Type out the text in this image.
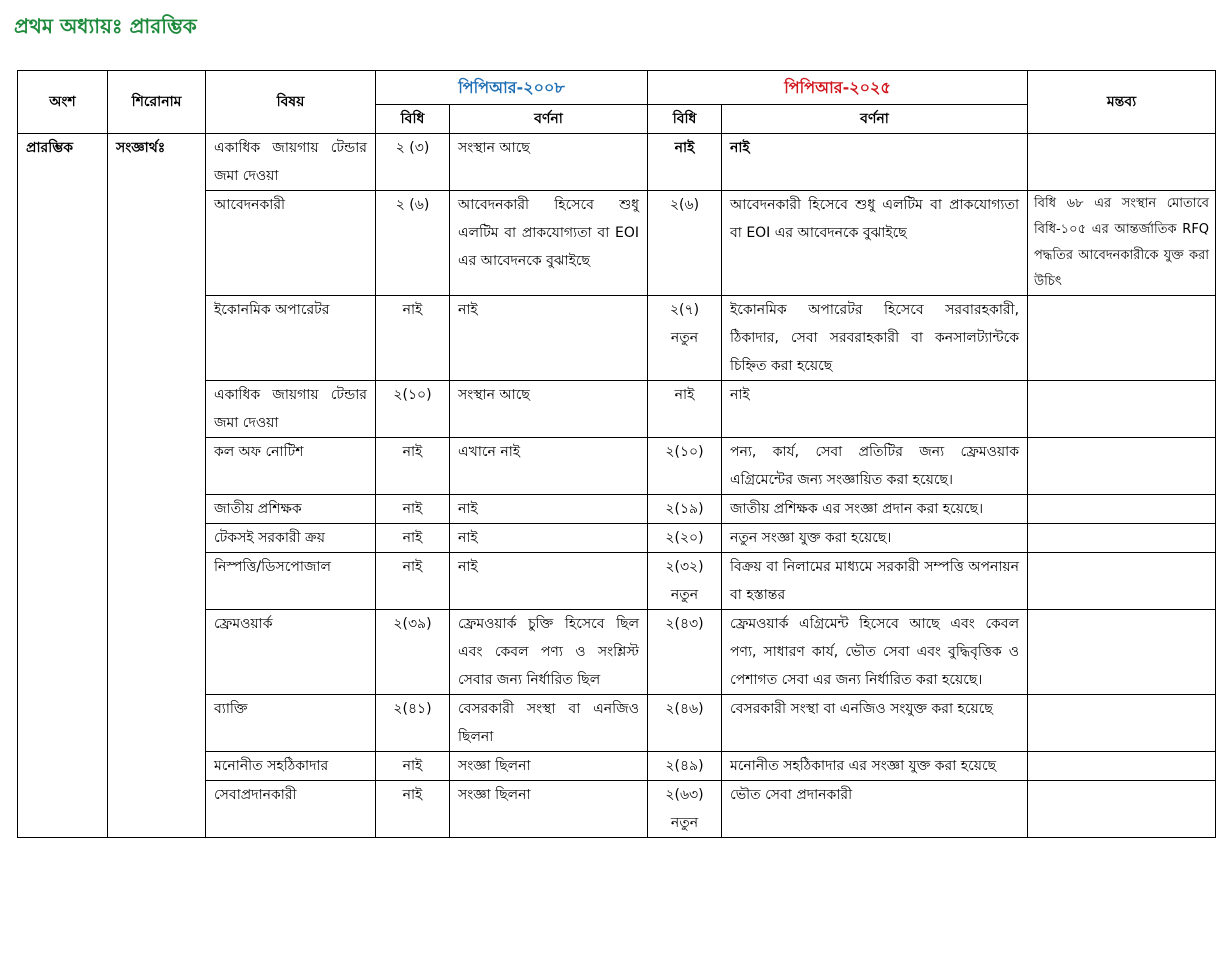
প্রথম অধ্যায়ঃ প্রারম্ভিক
অংশ	শিরোনাম	বিষয়	পিপিআর-২০০৮		পিপিআর-২০২৫		মন্তব্য
			বিধি	বর্ণনা	বিধি	বর্ণনা	
প্রারম্ভিক	সংজ্ঞার্থঃ	একাধিক জায়গায় টেন্ডার জমা দেওয়া	২ (৩)	সংস্থান আছে	নাই	নাই	
		আবেদনকারী	২ (৬)	আবেদনকারী হিসেবে শুধু এলটিম বা প্রাকযোগ্যতা বা EOI এর আবেদনকে বুঝাইছে	২(৬)	আবেদনকারী হিসেবে শুধু এলটিম বা প্রাকযোগ্যতা বা EOI এর আবেদনকে বুঝাইছে	বিধি ৬৮ এর সংস্থান মোতাবে বিধি-১০৫ এর আন্তর্জাতিক RFQ পদ্ধতির আবেদনকারীকে যুক্ত করা উচিৎ
		ইকোনমিক অপারেটর	নাই	নাই	২(৭) নতুন	ইকোনমিক অপারেটর হিসেবে সরবারহকারী, ঠিকাদার, সেবা সরবরাহকারী বা কনসালট্যান্টকে চিহ্নিত করা হয়েছে	
		একাধিক জায়গায় টেন্ডার জমা দেওয়া	২(১০)	সংস্থান আছে	নাই	নাই	
		কল অফ নোটিশ	নাই	এখানে নাই	২(১০)	পন্য, কার্য, সেবা প্রতিটির জন্য ফ্রেমওয়াক এগ্রিমেন্টের জন্য সংজ্ঞায়িত করা হয়েছে।	
		জাতীয় প্রশিক্ষক	নাই	নাই	২(১৯)	জাতীয় প্রশিক্ষক এর সংজ্ঞা প্রদান করা হয়েছে।	
		টেকসই সরকারী ক্রয়	নাই	নাই	২(২০)	নতুন সংজ্ঞা যুক্ত করা হয়েছে।	
		নিস্পত্তি/ডিসপোজাল	নাই	নাই	২(৩২) নতুন	বিক্রয় বা নিলামের মাধ্যমে সরকারী সম্পত্তি অপনায়ন বা হস্তান্তর	
		ফ্রেমওয়ার্ক	২(৩৯)	ফ্রেমওয়ার্ক চুক্তি হিসেবে ছিল এবং কেবল পণ্য ও সংশ্লিস্ট সেবার জন্য নির্ধারিত ছিল	২(৪৩)	ফ্রেমওয়ার্ক এগ্রিমেন্ট হিসেবে আছে এবং কেবল পণ্য, সাধারণ কার্য, ভৌত সেবা এবং বুদ্ধিবৃত্তিক ও পেশাগত সেবা এর জন্য নির্ধারিত করা হয়েছে।	
		ব্যাক্তি	২(৪১)	বেসরকারী সংস্থা বা এনজিও ছিলনা	২(৪৬)	বেসরকারী সংস্থা বা এনজিও সংযুক্ত করা হয়েছে	
		মনোনীত সহঠিকাদার	নাই	সংজ্ঞা ছিলনা	২(৪৯)	মনোনীত সহঠিকাদার এর সংজ্ঞা যুক্ত করা হয়েছে	
		সেবাপ্রদানকারী	নাই	সংজ্ঞা ছিলনা	২(৬৩) নতুন	ভৌত সেবা প্রদানকারী	
